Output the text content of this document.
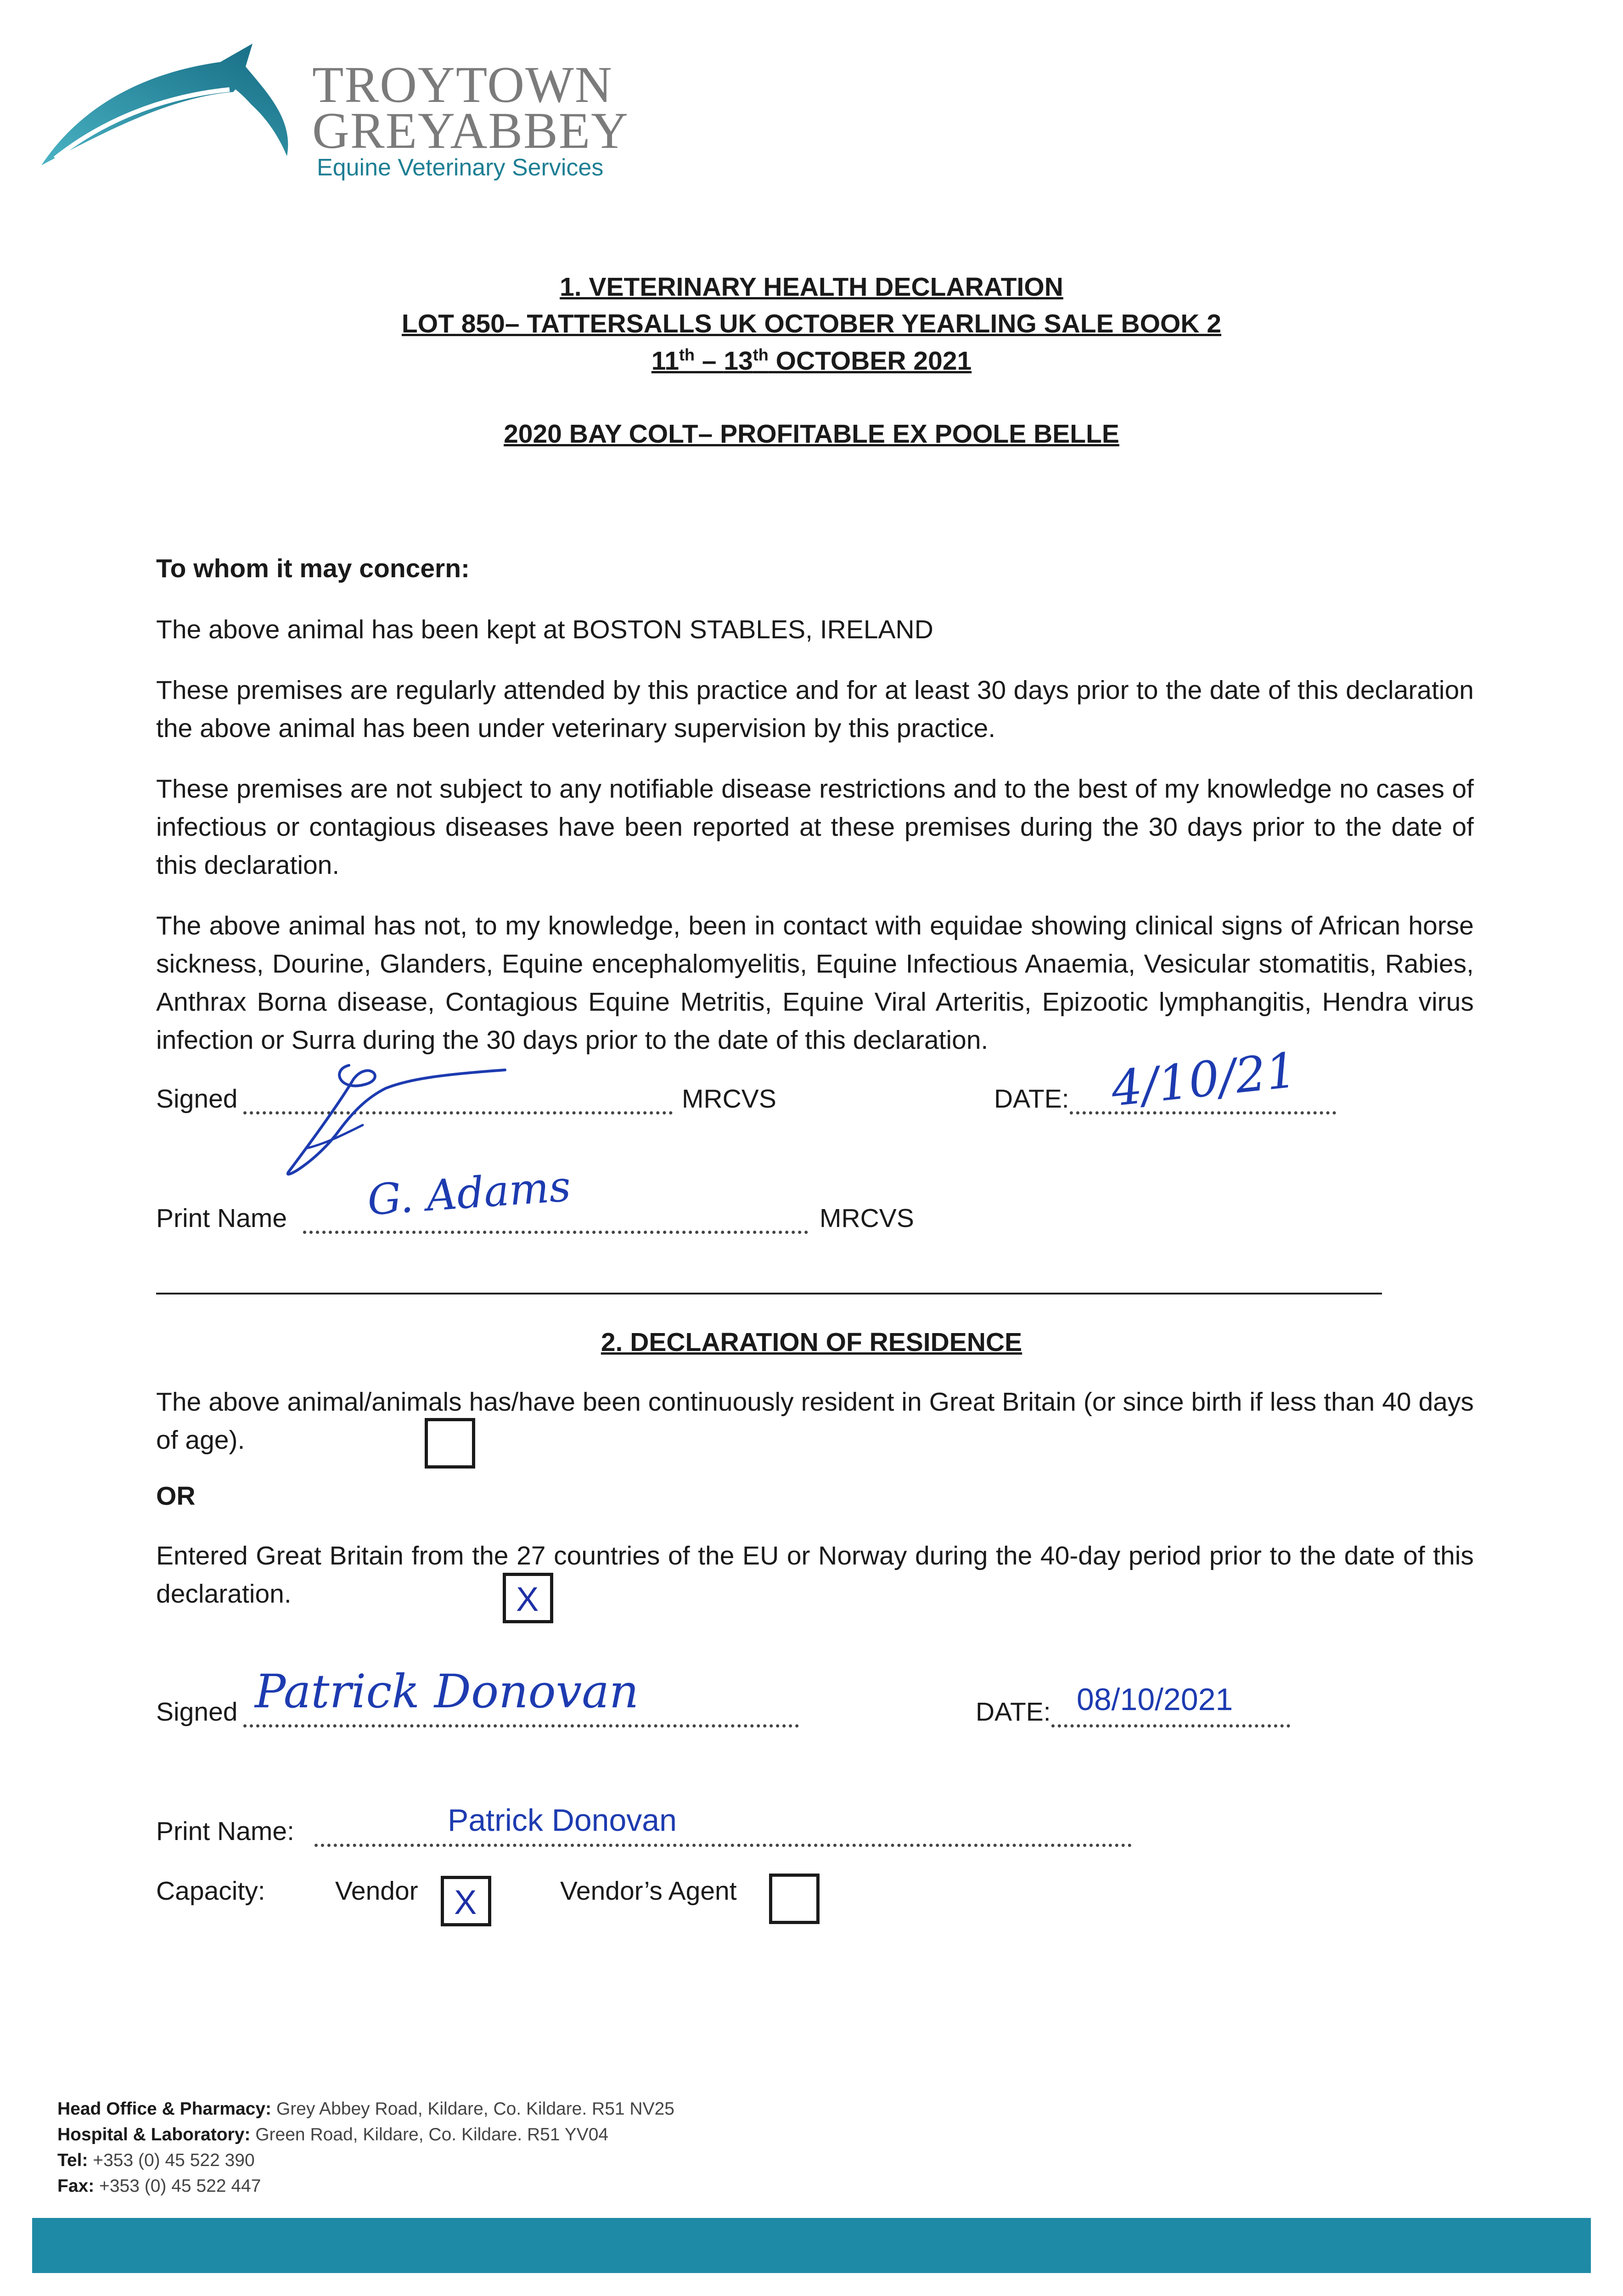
TROYTOWN
GREYABBEY
Equine Veterinary Services
1. VETERINARY HEALTH DECLARATION
LOT 850– TATTERSALLS UK OCTOBER YEARLING SALE BOOK 2
11th – 13th OCTOBER 2021
2020 BAY COLT– PROFITABLE EX POOLE BELLE
To whom it may concern:
The above animal has been kept at BOSTON STABLES, IRELAND
These premises are regularly attended by this practice and for at least 30 days prior to the date of this declaration the above animal has been under veterinary supervision by this practice.
These premises are not subject to any notifiable disease restrictions and to the best of my knowledge no cases of infectious or contagious diseases have been reported at these premises during the 30 days prior to the date of this declaration.
The above animal has not, to my knowledge, been in contact with equidae showing clinical signs of African horse sickness, Dourine, Glanders, Equine encephalomyelitis, Equine Infectious Anaemia, Vesicular stomatitis, Rabies, Anthrax Borna disease, Contagious Equine Metritis, Equine Viral Arteritis, Epizootic lymphangitis, Hendra virus infection or Surra during the 30 days prior to the date of this declaration.
Signed	MRCVS	DATE: 4/10/21
Print Name G. Adams	MRCVS
2. DECLARATION OF RESIDENCE
The above animal/animals has/have been continuously resident in Great Britain (or since birth if less than 40 days of age).
OR
Entered Great Britain from the 27 countries of the EU or Norway during the 40-day period prior to the date of this declaration.	X
Signed Patrick Donovan	DATE: 08/10/2021
Print Name:	Patrick Donovan
Capacity:	Vendor X	Vendor’s Agent
Head Office & Pharmacy: Grey Abbey Road, Kildare, Co. Kildare. R51 NV25
Hospital & Laboratory: Green Road, Kildare, Co. Kildare. R51 YV04
Tel: +353 (0) 45 522 390
Fax: +353 (0) 45 522 447
